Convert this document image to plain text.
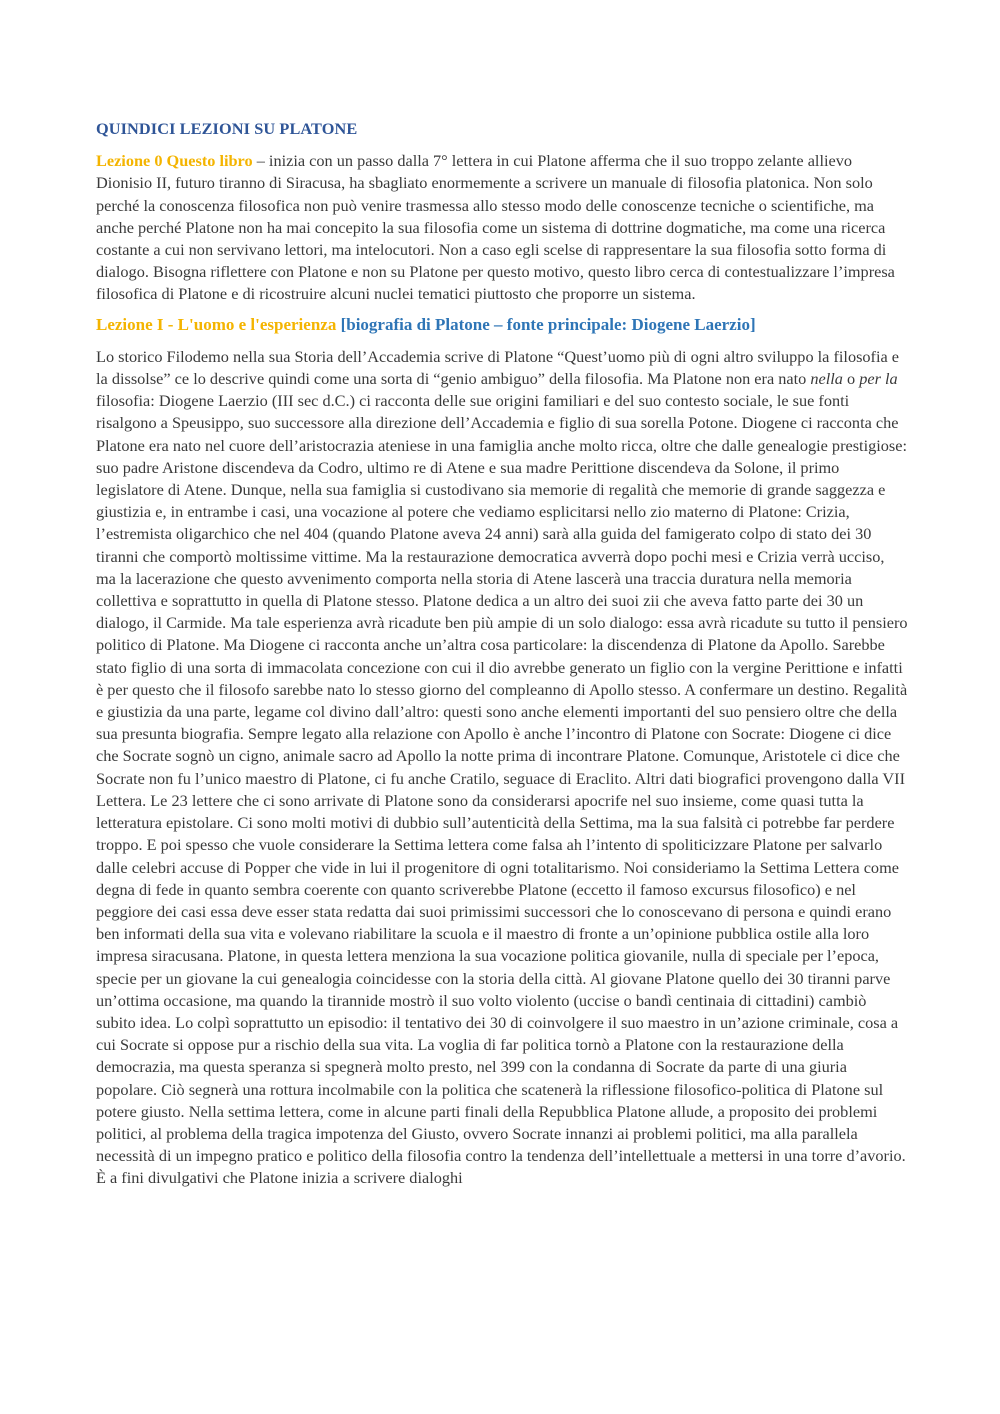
QUINDICI LEZIONI SU PLATONE

Lezione 0 Questo libro – inizia con un passo dalla 7° lettera in cui Platone afferma che il suo troppo zelante allievo Dionisio II, futuro tiranno di Siracusa, ha sbagliato enormemente a scrivere un manuale di filosofia platonica. Non solo perché la conoscenza filosofica non può venire trasmessa allo stesso modo delle conoscenze tecniche o scientifiche, ma anche perché Platone non ha mai concepito la sua filosofia come un sistema di dottrine dogmatiche, ma come una ricerca costante a cui non servivano lettori, ma intelocutori. Non a caso egli scelse di rappresentare la sua filosofia sotto forma di dialogo. Bisogna riflettere con Platone e non su Platone per questo motivo, questo libro cerca di contestualizzare l’impresa filosofica di Platone e di ricostruire alcuni nuclei tematici piuttosto che proporre un sistema.

Lezione I - L'uomo e l'esperienza [biografia di Platone – fonte principale: Diogene Laerzio]

Lo storico Filodemo nella sua Storia dell’Accademia scrive di Platone “Quest’uomo più di ogni altro sviluppo la filosofia e la dissolse” ce lo descrive quindi come una sorta di “genio ambiguo” della filosofia. Ma Platone non era nato nella o per la filosofia: Diogene Laerzio (III sec d.C.) ci racconta delle sue origini familiari e del suo contesto sociale, le sue fonti risalgono a Speusippo, suo successore alla direzione dell’Accademia e figlio di sua sorella Potone. Diogene ci racconta che Platone era nato nel cuore dell’aristocrazia ateniese in una famiglia anche molto ricca, oltre che dalle genealogie prestigiose: suo padre Aristone discendeva da Codro, ultimo re di Atene e sua madre Perittione discendeva da Solone, il primo legislatore di Atene. Dunque, nella sua famiglia si custodivano sia memorie di regalità che memorie di grande saggezza e giustizia e, in entrambe i casi, una vocazione al potere che vediamo esplicitarsi nello zio materno di Platone: Crizia, l’estremista oligarchico che nel 404 (quando Platone aveva 24 anni) sarà alla guida del famigerato colpo di stato dei 30 tiranni che comportò moltissime vittime. Ma la restaurazione democratica avverrà dopo pochi mesi e Crizia verrà ucciso, ma la lacerazione che questo avvenimento comporta nella storia di Atene lascerà una traccia duratura nella memoria collettiva e soprattutto in quella di Platone stesso. Platone dedica a un altro dei suoi zii che aveva fatto parte dei 30 un dialogo, il Carmide. Ma tale esperienza avrà ricadute ben più ampie di un solo dialogo: essa avrà ricadute su tutto il pensiero politico di Platone. Ma Diogene ci racconta anche un’altra cosa particolare: la discendenza di Platone da Apollo. Sarebbe stato figlio di una sorta di immacolata concezione con cui il dio avrebbe generato un figlio con la vergine Perittione e infatti è per questo che il filosofo sarebbe nato lo stesso giorno del compleanno di Apollo stesso. A confermare un destino. Regalità e giustizia da una parte, legame col divino dall’altro: questi sono anche elementi importanti del suo pensiero oltre che della sua presunta biografia. Sempre legato alla relazione con Apollo è anche l’incontro di Platone con Socrate: Diogene ci dice che Socrate sognò un cigno, animale sacro ad Apollo la notte prima di incontrare Platone. Comunque, Aristotele ci dice che Socrate non fu l’unico maestro di Platone, ci fu anche Cratilo, seguace di Eraclito. Altri dati biografici provengono dalla VII Lettera. Le 23 lettere che ci sono arrivate di Platone sono da considerarsi apocrife nel suo insieme, come quasi tutta la letteratura epistolare. Ci sono molti motivi di dubbio sull’autenticità della Settima, ma la sua falsità ci potrebbe far perdere troppo. E poi spesso che vuole considerare la Settima lettera come falsa ah l’intento di spoliticizzare Platone per salvarlo dalle celebri accuse di Popper che vide in lui il progenitore di ogni totalitarismo. Noi consideriamo la Settima Lettera come degna di fede in quanto sembra coerente con quanto scriverebbe Platone (eccetto il famoso excursus filosofico) e nel peggiore dei casi essa deve esser stata redatta dai suoi primissimi successori che lo conoscevano di persona e quindi erano ben informati della sua vita e volevano riabilitare la scuola e il maestro di fronte a un’opinione pubblica ostile alla loro impresa siracusana. Platone, in questa lettera menziona la sua vocazione politica giovanile, nulla di speciale per l’epoca, specie per un giovane la cui genealogia coincidesse con la storia della città. Al giovane Platone quello dei 30 tiranni parve un’ottima occasione, ma quando la tirannide mostrò il suo volto violento (uccise o bandì centinaia di cittadini) cambiò subito idea. Lo colpì soprattutto un episodio: il tentativo dei 30 di coinvolgere il suo maestro in un’azione criminale, cosa a cui Socrate si oppose pur a rischio della sua vita. La voglia di far politica tornò a Platone con la restaurazione della democrazia, ma questa speranza si spegnerà molto presto, nel 399 con la condanna di Socrate da parte di una giuria popolare. Ciò segnerà una rottura incolmabile con la politica che scatenerà la riflessione filosofico-politica di Platone sul potere giusto. Nella settima lettera, come in alcune parti finali della Repubblica Platone allude, a proposito dei problemi politici, al problema della tragica impotenza del Giusto, ovvero Socrate innanzi ai problemi politici, ma alla parallela necessità di un impegno pratico e politico della filosofia contro la tendenza dell’intellettuale a mettersi in una torre d’avorio. È a fini divulgativi che Platone inizia a scrivere dialoghi
